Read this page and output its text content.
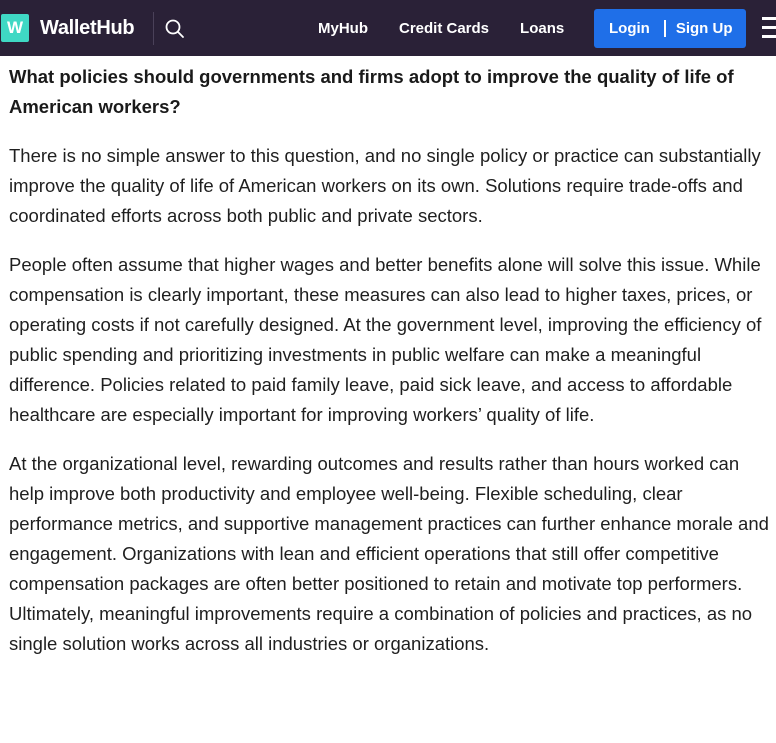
W WalletHub	MyHub Credit Cards Loans	Login Sign Up
What policies should governments and firms adopt to improve the quality of life of American workers?

There is no simple answer to this question, and no single policy or practice can substantially improve the quality of life of American workers on its own. Solutions require trade-offs and coordinated efforts across both public and private sectors.

People often assume that higher wages and better benefits alone will solve this issue. While compensation is clearly important, these measures can also lead to higher taxes, prices, or operating costs if not carefully designed. At the government level, improving the efficiency of public spending and prioritizing investments in public welfare can make a meaningful difference. Policies related to paid family leave, paid sick leave, and access to affordable healthcare are especially important for improving workers’ quality of life.

At the organizational level, rewarding outcomes and results rather than hours worked can help improve both productivity and employee well-being. Flexible scheduling, clear performance metrics, and supportive management practices can further enhance morale and engagement. Organizations with lean and efficient operations that still offer competitive compensation packages are often better positioned to retain and motivate top performers. Ultimately, meaningful improvements require a combination of policies and practices, as no single solution works across all industries or organizations.
